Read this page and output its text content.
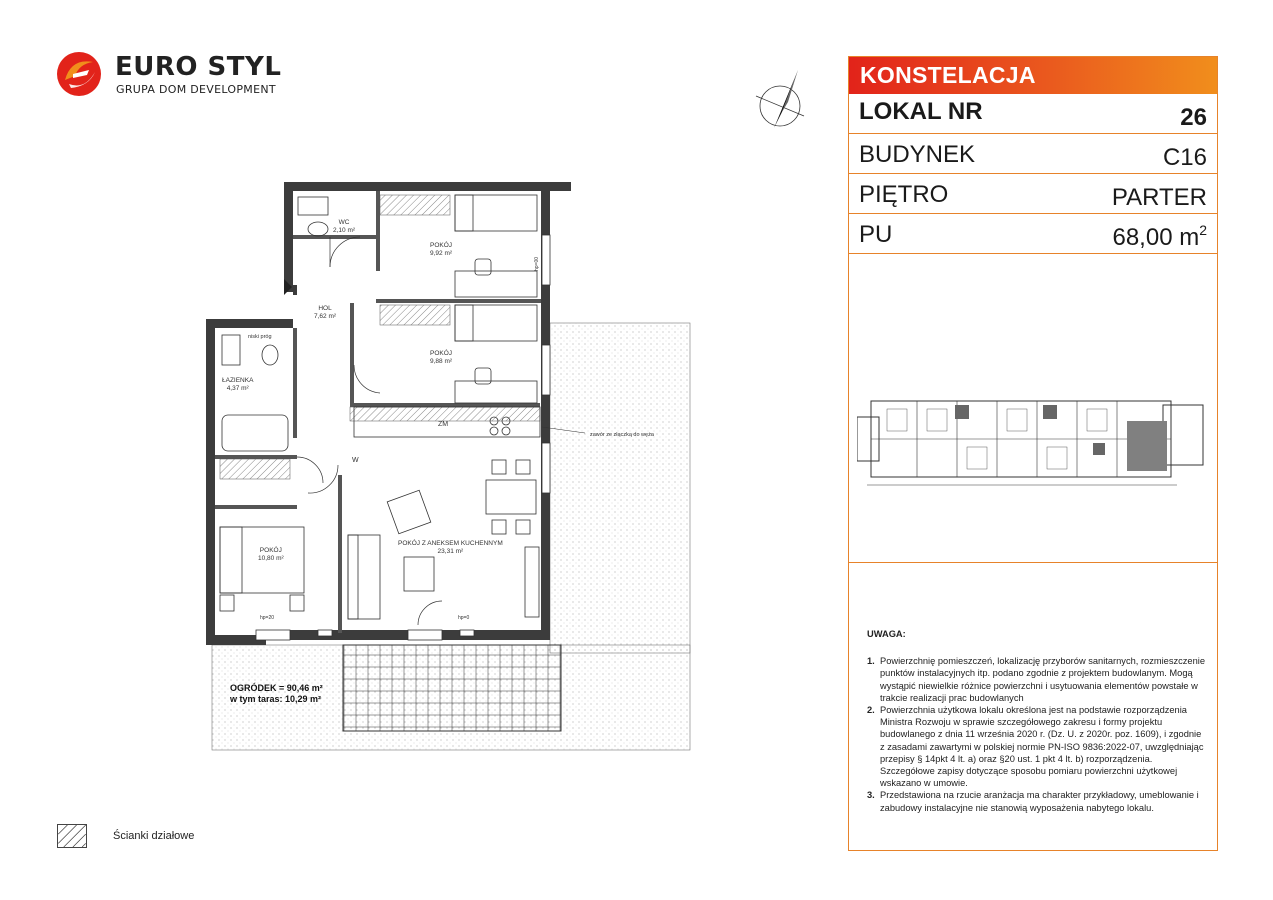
EURO STYL
GRUPA DOM DEVELOPMENT
KONSTELACJA
LOKAL NR	26
BUDYNEK	C16
PIĘTRO	PARTER
PU	68,00 $m^2$
UWAGA:
1. Powierzchnię pomieszczeń, lokalizację przyborów sanitarnych, rozmieszczenie punktów instalacyjnych itp. podano zgodnie z projektem budowlanym. Mogą wystąpić niewielkie różnice powierzchni i usytuowania elementów powstałe w trakcie realizacji prac budowlanych
2. Powierzchnia użytkowa lokalu określona jest na podstawie rozporządzenia Ministra Rozwoju w sprawie szczegółowego zakresu i formy projektu budowlanego z dnia 11 września 2020 r. (Dz. U. z 2020r. poz. 1609), i zgodnie z zasadami zawartymi w polskiej normie PN-ISO 9836:2022-07, uwzględniając przepisy § 14pkt 4 lt. a) oraz §20 ust. 1 pkt 4 lt. b) rozporządzenia. Szczegółowe zapisy dotyczące sposobu pomiaru powierzchni użytkowej wskazano w umowie.
3. Przedstawiona na rzucie aranżacja ma charakter przykładowy, umeblowanie i zabudowy instalacyjne nie stanowią wyposażenia nabytego lokalu.
WC
2,10 m²
POKÓJ
9,92 m²
HOL
7,62 m²
POKÓJ
9,88 m²
ŁAZIENKA
4,37 m²
POKÓJ
10,80 m²
POKÓJ Z ANEKSEM KUCHENNYM
23,31 m²
ZM
W
niski próg
zawór ze złączką do węża
hp=20	hp=0
hp=00
OGRÓDEK = 90,46 m²
w tym taras: 10,29 m²
Ścianki działowe
